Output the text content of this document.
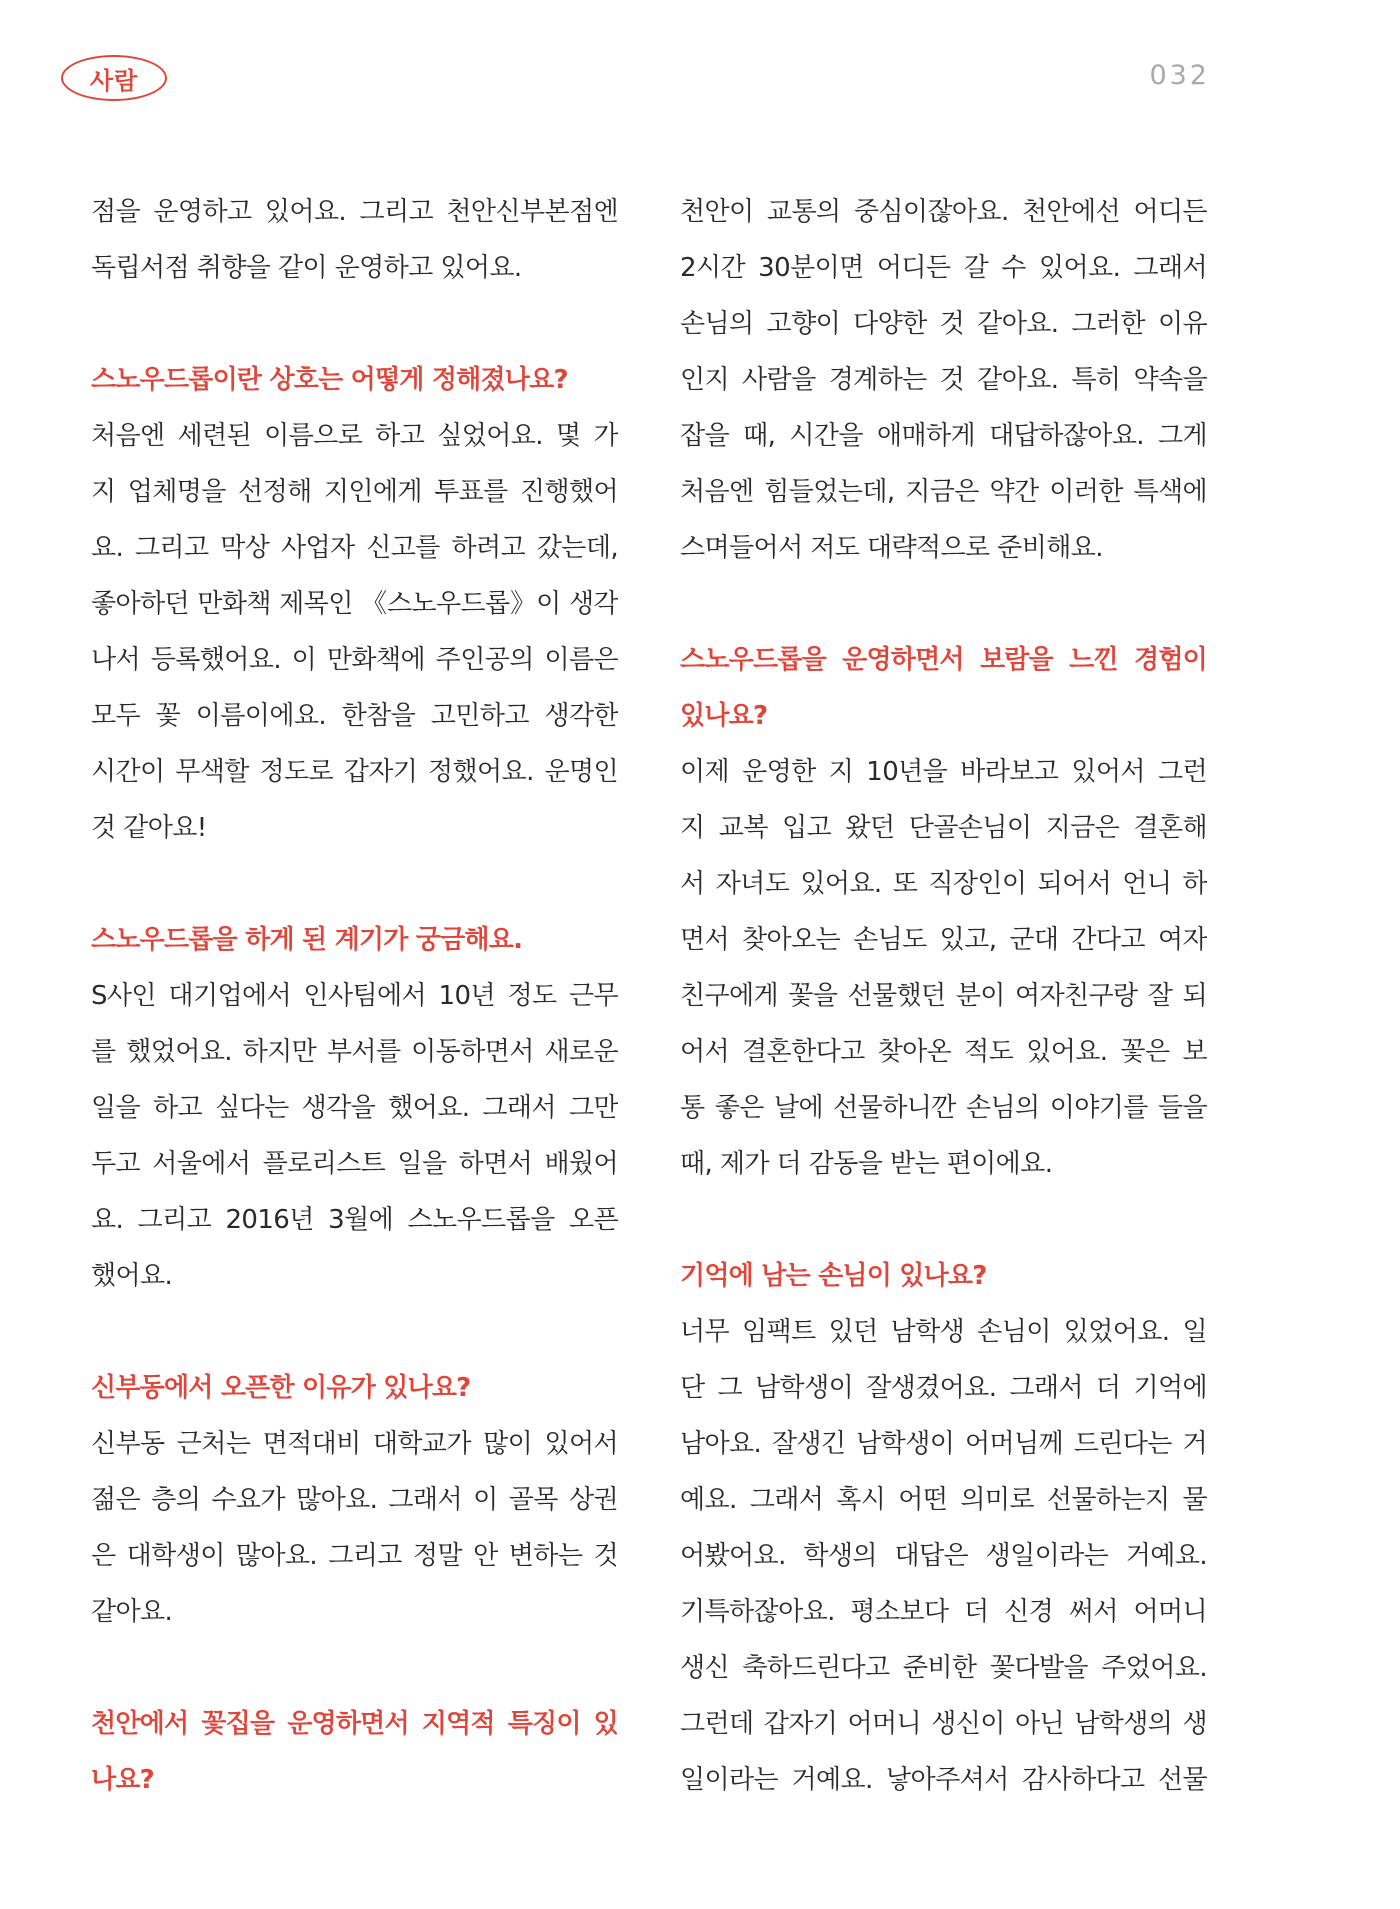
사람	032
점을 운영하고 있어요. 그리고 천안신부본점엔
독립서점 취향을 같이 운영하고 있어요.
스노우드롭이란 상호는 어떻게 정해졌나요?
처음엔 세련된 이름으로 하고 싶었어요. 몇 가
지 업체명을 선정해 지인에게 투표를 진행했어
요. 그리고 막상 사업자 신고를 하려고 갔는데,
좋아하던 만화책 제목인 《스노우드롭》이 생각
나서 등록했어요. 이 만화책에 주인공의 이름은
모두 꽃 이름이에요. 한참을 고민하고 생각한
시간이 무색할 정도로 갑자기 정했어요. 운명인
것 같아요!
스노우드롭을 하게 된 계기가 궁금해요.
S사인 대기업에서 인사팀에서 10년 정도 근무
를 했었어요. 하지만 부서를 이동하면서 새로운
일을 하고 싶다는 생각을 했어요. 그래서 그만
두고 서울에서 플로리스트 일을 하면서 배웠어
요. 그리고 2016년 3월에 스노우드롭을 오픈
했어요.
신부동에서 오픈한 이유가 있나요?
신부동 근처는 면적대비 대학교가 많이 있어서
젊은 층의 수요가 많아요. 그래서 이 골목 상권
은 대학생이 많아요. 그리고 정말 안 변하는 것
같아요.
천안에서 꽃집을 운영하면서 지역적 특징이 있
나요?
천안이 교통의 중심이잖아요. 천안에선 어디든
2시간 30분이면 어디든 갈 수 있어요. 그래서
손님의 고향이 다양한 것 같아요. 그러한 이유
인지 사람을 경계하는 것 같아요. 특히 약속을
잡을 때, 시간을 애매하게 대답하잖아요. 그게
처음엔 힘들었는데, 지금은 약간 이러한 특색에
스며들어서 저도 대략적으로 준비해요.
스노우드롭을 운영하면서 보람을 느낀 경험이
있나요?
이제 운영한 지 10년을 바라보고 있어서 그런
지 교복 입고 왔던 단골손님이 지금은 결혼해
서 자녀도 있어요. 또 직장인이 되어서 언니 하
면서 찾아오는 손님도 있고, 군대 간다고 여자
친구에게 꽃을 선물했던 분이 여자친구랑 잘 되
어서 결혼한다고 찾아온 적도 있어요. 꽃은 보
통 좋은 날에 선물하니깐 손님의 이야기를 들을
때, 제가 더 감동을 받는 편이에요.
기억에 남는 손님이 있나요?
너무 임팩트 있던 남학생 손님이 있었어요. 일
단 그 남학생이 잘생겼어요. 그래서 더 기억에
남아요. 잘생긴 남학생이 어머님께 드린다는 거
예요. 그래서 혹시 어떤 의미로 선물하는지 물
어봤어요. 학생의 대답은 생일이라는 거예요.
기특하잖아요. 평소보다 더 신경 써서 어머니
생신 축하드린다고 준비한 꽃다발을 주었어요.
그런데 갑자기 어머니 생신이 아닌 남학생의 생
일이라는 거예요. 낳아주셔서 감사하다고 선물
